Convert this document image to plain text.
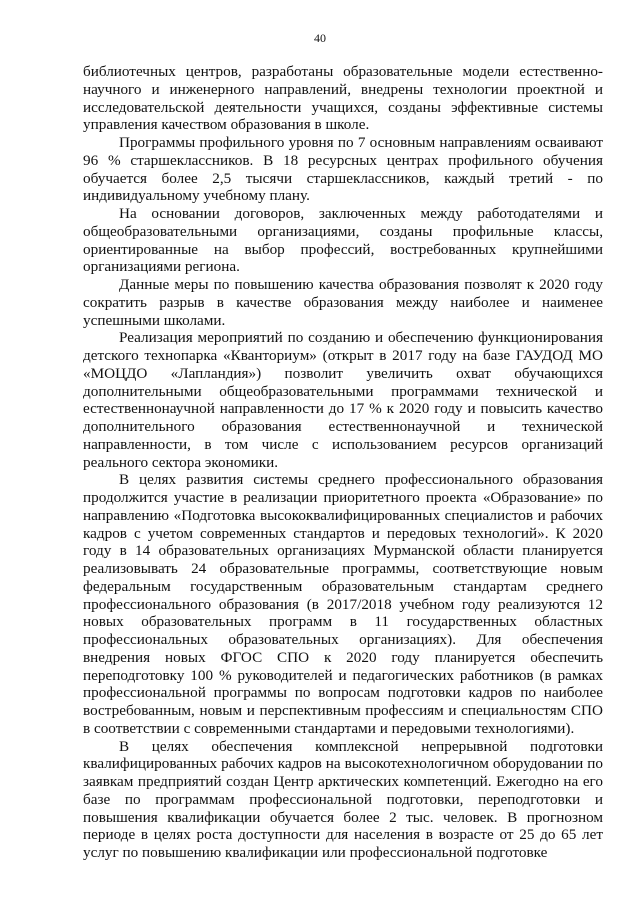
40

библиотечных центров, разработаны образовательные модели естественно-научного и инженерного направлений, внедрены технологии проектной и исследовательской деятельности учащихся, созданы эффективные системы управления качеством образования в школе.

Программы профильного уровня по 7 основным направлениям осваивают 96 % старшеклассников. В 18 ресурсных центрах профильного обучения обучается более 2,5 тысячи старшеклассников, каждый третий - по индивидуальному учебному плану.

На основании договоров, заключенных между работодателями и общеобразовательными организациями, созданы профильные классы, ориентированные на выбор профессий, востребованных крупнейшими организациями региона.

Данные меры по повышению качества образования позволят к 2020 году сократить разрыв в качестве образования между наиболее и наименее успешными школами.

Реализация мероприятий по созданию и обеспечению функционирования детского технопарка «Кванториум» (открыт в 2017 году на базе ГАУДОД МО «МОЦДО «Лапландия») позволит увеличить охват обучающихся дополнительными общеобразовательными программами технической и естественнонаучной направленности до 17 % к 2020 году и повысить качество дополнительного образования естественнонаучной и технической направленности, в том числе с использованием ресурсов организаций реального сектора экономики.

В целях развития системы среднего профессионального образования продолжится участие в реализации приоритетного проекта «Образование» по направлению «Подготовка высококвалифицированных специалистов и рабочих кадров с учетом современных стандартов и передовых технологий». К 2020 году в 14 образовательных организациях Мурманской области планируется реализовывать 24 образовательные программы, соответствующие новым федеральным государственным образовательным стандартам среднего профессионального образования (в 2017/2018 учебном году реализуются 12 новых образовательных программ в 11 государственных областных профессиональных образовательных организациях). Для обеспечения внедрения новых ФГОС СПО к 2020 году планируется обеспечить переподготовку 100 % руководителей и педагогических работников (в рамках профессиональной программы по вопросам подготовки кадров по наиболее востребованным, новым и перспективным профессиям и специальностям СПО в соответствии с современными стандартами и передовыми технологиями).

В целях обеспечения комплексной непрерывной подготовки квалифицированных рабочих кадров на высокотехнологичном оборудовании по заявкам предприятий создан Центр арктических компетенций. Ежегодно на его базе по программам профессиональной подготовки, переподготовки и повышения квалификации обучается более 2 тыс. человек. В прогнозном периоде в целях роста доступности для населения в возрасте от 25 до 65 лет услуг по повышению квалификации или профессиональной подготовке
